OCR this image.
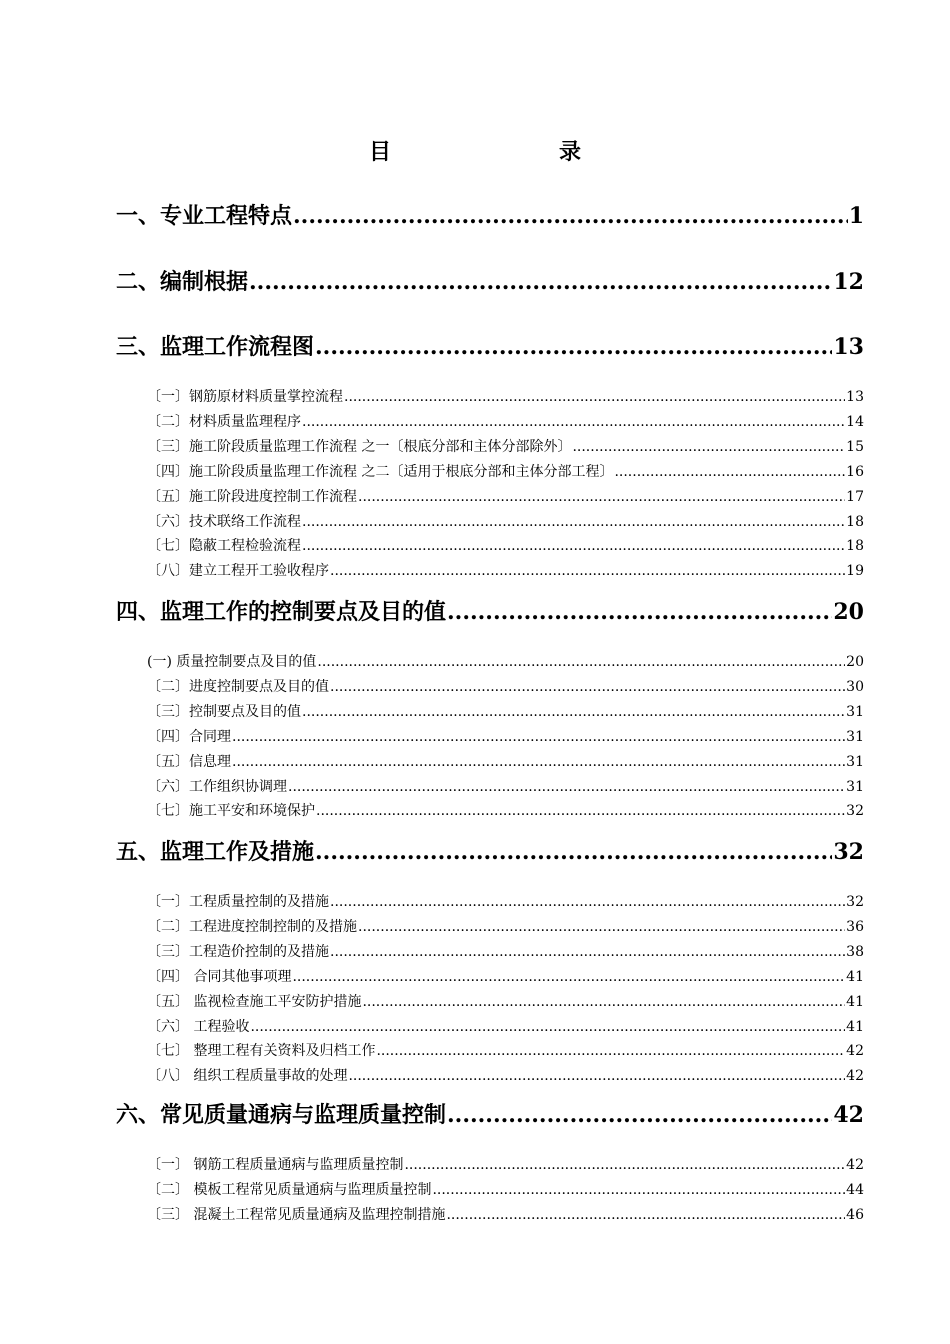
目	录
一、专业工程特点 .....	1
二、编制根据 .....	12
三、监理工作流程图 .....	13
〔一〕钢筋原材料质量掌控流程 .....	13
〔二〕材料质量监理程序 .....	14
〔三〕施工阶段质量监理工作流程 之一〔根底分部和主体分部除外〕 .....	15
〔四〕施工阶段质量监理工作流程 之二〔适用于根底分部和主体分部工程〕 .....	16
〔五〕施工阶段进度控制工作流程 .....	17
〔六〕技术联络工作流程 .....	18
〔七〕隐蔽工程检验流程 .....	18
〔八〕建立工程开工验收程序 .....	19
四、监理工作的控制要点及目的值 .....	20
(一) 质量控制要点及目的值 .....	20
〔二〕进度控制要点及目的值 .....	30
〔三〕控制要点及目的值 .....	31
〔四〕合同理 .....	31
〔五〕信息理 .....	31
〔六〕工作组织协调理 .....	31
〔七〕施工平安和环境保护 .....	32
五、监理工作及措施 .....	32
〔一〕工程质量控制的及措施 .....	32
〔二〕工程进度控制控制的及措施 .....	36
〔三〕工程造价控制的及措施 .....	38
〔四〕 合同其他事项理 .....	41
〔五〕 监视检查施工平安防护措施 .....	41
〔六〕 工程验收 .....	41
〔七〕 整理工程有关资料及归档工作 .....	42
〔八〕 组织工程质量事故的处理 .....	42
六、常见质量通病与监理质量控制 .....	42
〔一〕 钢筋工程质量通病与监理质量控制 .....	42
〔二〕 模板工程常见质量通病与监理质量控制 .....	44
〔三〕 混凝土工程常见质量通病及监理控制措施 .....	46
